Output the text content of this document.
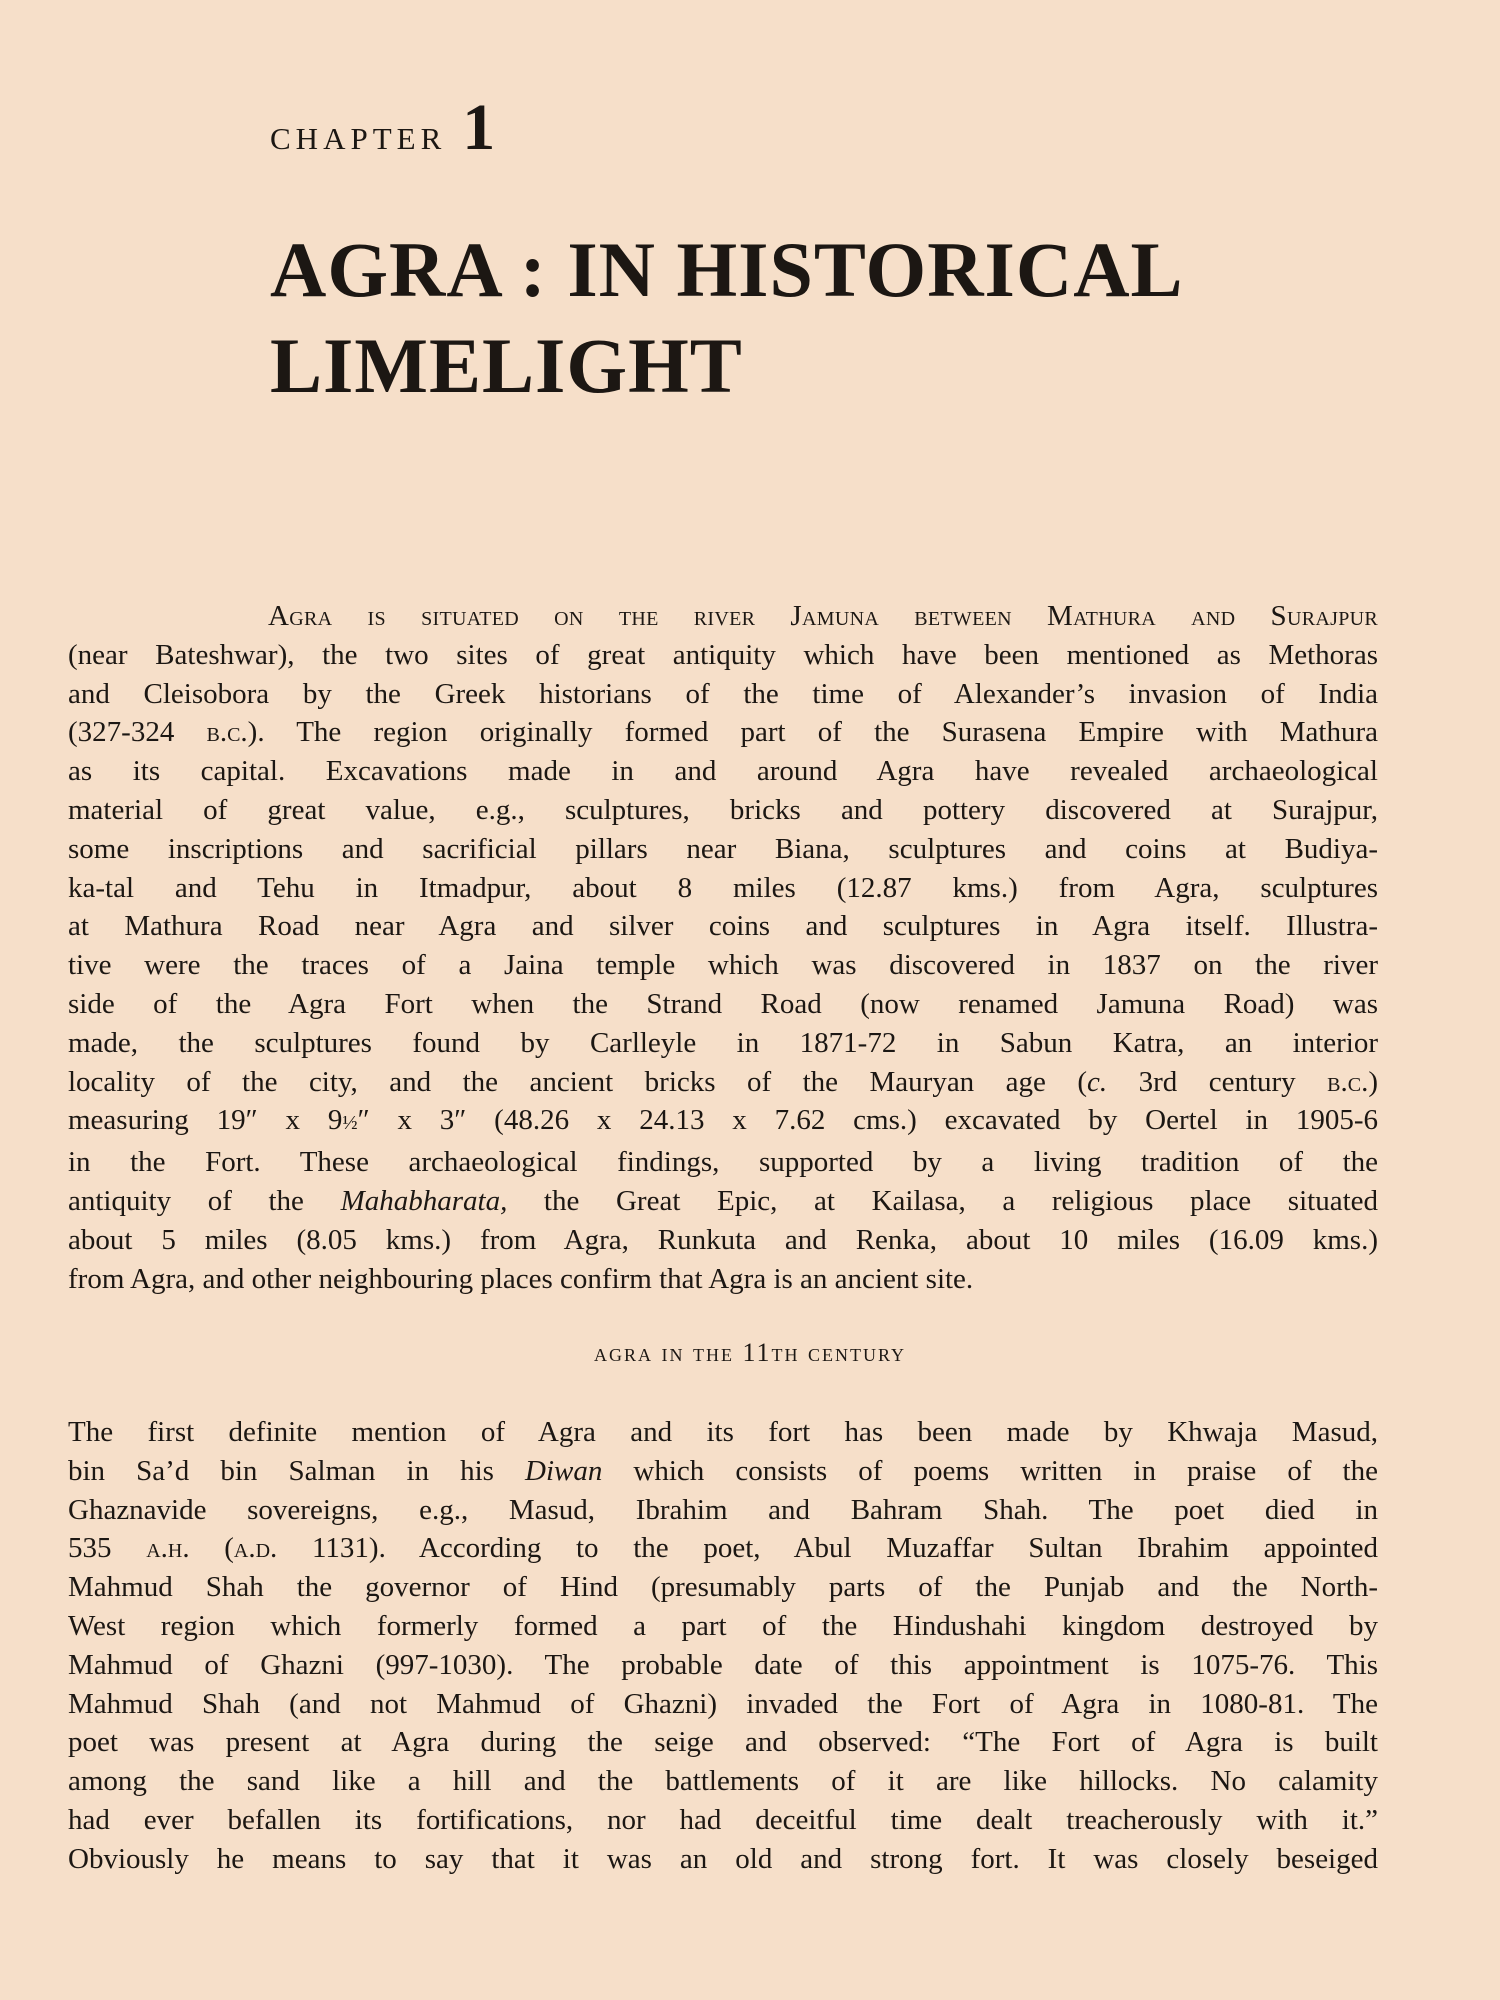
CHAPTER 1
AGRA : IN HISTORICAL
LIMELIGHT
Agra is situated on the river Jamuna between Mathura and Surajpur
(near Bateshwar), the two sites of great antiquity which have been mentioned as Methoras
and Cleisobora by the Greek historians of the time of Alexander’s invasion of India
(327-324 b.c.). The region originally formed part of the Surasena Empire with Mathura
as its capital. Excavations made in and around Agra have revealed archaeological
material of great value, e.g., sculptures, bricks and pottery discovered at Surajpur,
some inscriptions and sacrificial pillars near Biana, sculptures and coins at Budiya-
ka-tal and Tehu in Itmadpur, about 8 miles (12.87 kms.) from Agra, sculptures
at Mathura Road near Agra and silver coins and sculptures in Agra itself. Illustra-
tive were the traces of a Jaina temple which was discovered in 1837 on the river
side of the Agra Fort when the Strand Road (now renamed Jamuna Road) was
made, the sculptures found by Carlleyle in 1871-72 in Sabun Katra, an interior
locality of the city, and the ancient bricks of the Mauryan age (c. 3rd century b.c.)
measuring 19″ x 9½″ x 3″ (48.26 x 24.13 x 7.62 cms.) excavated by Oertel in 1905-6
in the Fort. These archaeological findings, supported by a living tradition of the
antiquity of the Mahabharata, the Great Epic, at Kailasa, a religious place situated
about 5 miles (8.05 kms.) from Agra, Runkuta and Renka, about 10 miles (16.09 kms.)
from Agra, and other neighbouring places confirm that Agra is an ancient site.
agra in the 11th century
The first definite mention of Agra and its fort has been made by Khwaja Masud,
bin Sa’d bin Salman in his Diwan which consists of poems written in praise of the
Ghaznavide sovereigns, e.g., Masud, Ibrahim and Bahram Shah. The poet died in
535 a.h. (a.d. 1131). According to the poet, Abul Muzaffar Sultan Ibrahim appointed
Mahmud Shah the governor of Hind (presumably parts of the Punjab and the North-
West region which formerly formed a part of the Hindushahi kingdom destroyed by
Mahmud of Ghazni (997-1030). The probable date of this appointment is 1075-76. This
Mahmud Shah (and not Mahmud of Ghazni) invaded the Fort of Agra in 1080-81. The
poet was present at Agra during the seige and observed: “The Fort of Agra is built
among the sand like a hill and the battlements of it are like hillocks. No calamity
had ever befallen its fortifications, nor had deceitful time dealt treacherously with it.”
Obviously he means to say that it was an old and strong fort. It was closely beseiged
